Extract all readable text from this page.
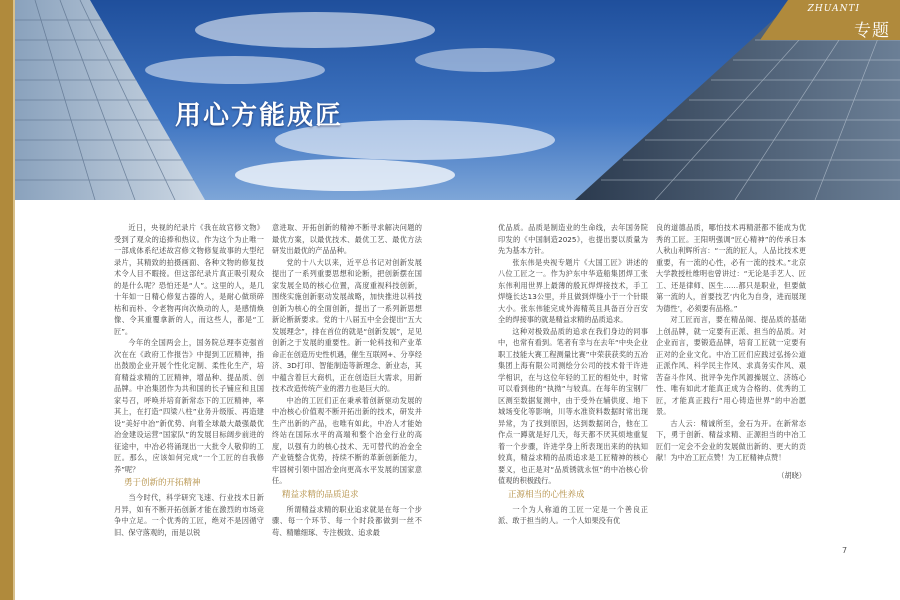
用心方能成匠
ZHUANTI
专题

近日，央视的纪录片《我在故宫修文物》受到了观众的追捧和热议。作为这个为止唯一一部成体系纪述故宫修文物修复故事的大型纪录片，其精致的拍摄画面、各种文物的修复技术令人目不暇接。但这部纪录片真正吸引观众的是什么呢？恐怕还是“人”。这里的人，是几十年如一日精心修复古器的人，是耐心做琐碎枯和而朴、令老物再向次焕动的人，是感情焕像、令其重覆拿新的人，而这些人，都是“工匠”。

今年的全国两会上，国务院总理李克强首次在在《政府工作报告》中提到工匠精神，指出鼓励企业开展个性化定制、柔性化生产，培育精益求精的工匠精神，增品种、提品质、创品牌。中冶集团作为共和国的长子铺应和且国家号召，呼唤并培育新常态下的工匠精神，率其上，在打造“四梁八柱”业务升级版、再造建设“美好中冶”新优势、向着全球最大最强最优冶金建设运营“国家队”的发展目标阔步前进的征途中，中冶必将涌现出一大批令人敬仰的工匠。那么，应该如何完成“一个工匠的自我修养”呢？

勇于创新的开拓精神

当今时代，科学研究飞速、行业技术日新月异，如有不断开拓创新才能在激烈的市场竞争中立足。一个优秀的工匠，绝对不是因循守旧、保守落观的，而是以锐

意进取、开拓创新的精神不断寻求解决问题的最优方案，以最优技术、最优工艺、最优方法研发出最优的产品品种。

党的十八大以来，近平总书记对创新发展提出了一系列重要思想和论断，把创新摆在国家发展全局的核心位置，高度重视科技创新，围绕实施创新驱动发展战略，加快推进以科技创新为核心的全面创新，提出了一系列新思想新论断新要求。党的十八届五中全会提出“五大发展理念”，排在首位的就是“创新发展”，足见创新之于发展的重要性。新一轮科技和产业革命正在创造历史性机遇，催生互联网+、分享经济、3D打印、智能制造等新理念、新业态，其中蕴含着巨大商机，正在创造巨大需求，用新技术改造传统产业的潜力也是巨大的。

中冶的工匠们正在秉承着创新驱动发展的中冶核心价值观不断开拓出新的技术，研发并生产出新的产品，也唯有如此，中冶人才能始终站在国际水平的高端和整个冶金行业的高度，以强有力的核心技术、无可替代的冶金全产业链整合优势，持续不断的革新创新能力，牢固树引领中国冶金向更高水平发展的国家意任。

精益求精的品质追求

所谓精益求精的职业追求就是在每一个步骤、每一个环节、每一个时段都做到一丝不苟、精雕细琢、专注极致、追求最

优品质。品质是制造业的生命线，去年国务院印发的《中国制造2025》，也提出要以质量为先为基本方针。

张东伟是央视专题片《大国工匠》讲述的八位工匠之一。作为沪东中华造船集团焊工张东伟利用世界上最薄的殷瓦焊焊接技术，手工焊缝长达13公里，并且做到焊缝小于一个针眼大小。张东伟能完成外海精英且具备百分百安全的焊接事的就是精益求精的品质追求。

这种对极致品质的追求在我们身边的同事中，也常有看到。笔者有幸与在去年“中央企业职工技能大赛工程测量比赛”中荣获获奖的五冶集团上海有限公司测绘分公司的技术骨干许进学相识，在与这位年轻的工匠的相处中，时常可以看到他的“执拗”与较真。在每年的宝钢厂区测至数据复测中，由于受外在辅供度、地下城场变化等影响，川等水准资料数据时常出现异常，为了找到原因，达到数据闭合，他在工作点一蹲就是好几天，每天都不厌其烦地重复着一个步骤，许进学身上所表现出来的的执知较真，精益求精的品质追求是工匠精神的核心要义，也正是对“品质锈就永恒”的中冶核心价值观的积极践行。

正源相当的心性养成

一个为人称道的工匠一定是一个善良正派、敢于担当的人。一个人如果没有优

良的道德品质，哪怕技术再精湛都不能成为优秀的工匠。王阳明强调“匠心精神”的传承日本人秋山利辉所言：“一流的匠人，人品比技术更重要，有一流的心性，必有一流的技术。”北京大学教授杜维明也曾讲过：“无论是手艺人、匠工、还是律师、医生……都只是职业，但要做第一流的人，首要技艺‘内化为自身，进而展现为德性’，必须要有品格。”

对工匠而言，要在精品阁、提品质的基础上创品牌，就一定要有正派、担当的品质。对企业而言，要锻造品牌，培育工匠就一定要有正对的企业文化。中冶工匠们应践过弘扬公道正派作风、科学民主作风、求真务实作风、艰苦奋斗作风、批评争先作风源操展立、济练心性、唯有如此才能真正成为合格的、优秀的工匠，才能真正践行“用心铸造世界”的中冶愿景。

古人云：精诚所至，金石为开。在新常态下，勇于创新、精益求精、正源担当的中冶工匠们一定会不会业的发展做出新的、更大的贡献！为中冶工匠点赞！为工匠精神点赞！

（胡晓）
7
